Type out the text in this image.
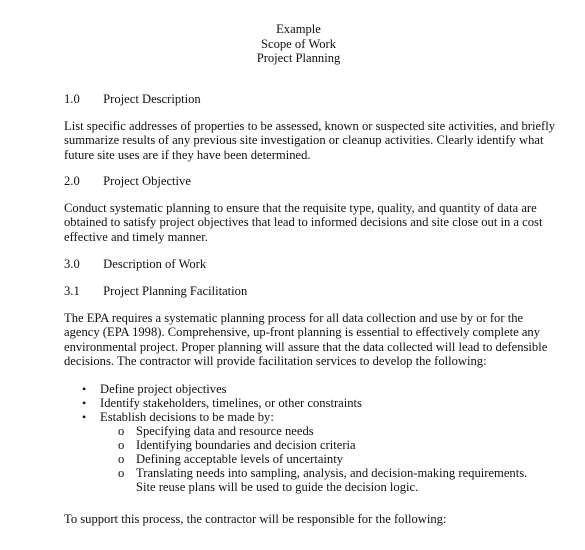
Example
Scope of Work
Project Planning
1.0 Project Description
List specific addresses of properties to be assessed, known or suspected site activities, and briefly
summarize results of any previous site investigation or cleanup activities. Clearly identify what
future site uses are if they have been determined.
2.0 Project Objective
Conduct systematic planning to ensure that the requisite type, quality, and quantity of data are
obtained to satisfy project objectives that lead to informed decisions and site close out in a cost
effective and timely manner.
3.0 Description of Work
3.1 Project Planning Facilitation
The EPA requires a systematic planning process for all data collection and use by or for the
agency (EPA 1998). Comprehensive, up-front planning is essential to effectively complete any
environmental project. Proper planning will assure that the data collected will lead to defensible
decisions. The contractor will provide facilitation services to develop the following:
• Define project objectives
• Identify stakeholders, timelines, or other constraints
• Establish decisions to be made by:
o Specifying data and resource needs
o Identifying boundaries and decision criteria
o Defining acceptable levels of uncertainty
o Translating needs into sampling, analysis, and decision-making requirements.
Site reuse plans will be used to guide the decision logic.
To support this process, the contractor will be responsible for the following:
